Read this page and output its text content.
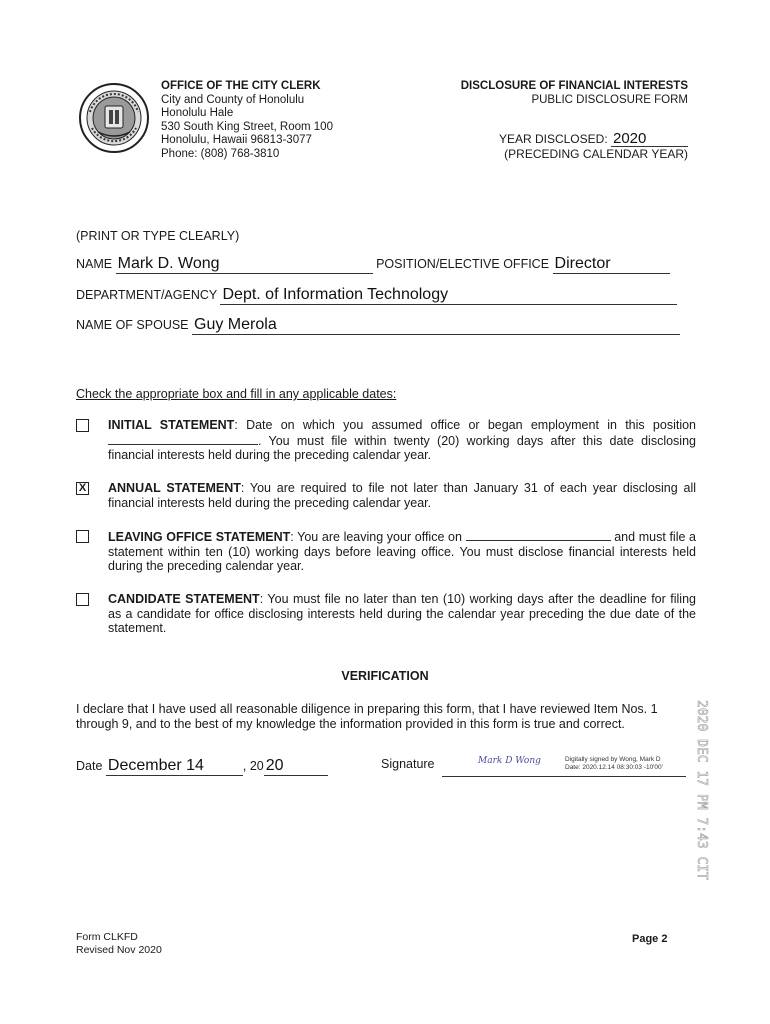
OFFICE OF THE CITY CLERK
City and County of Honolulu
Honolulu Hale
530 South King Street, Room 100
Honolulu, Hawaii 96813-3077
Phone: (808) 768-3810
DISCLOSURE OF FINANCIAL INTERESTS
PUBLIC DISCLOSURE FORM
YEAR DISCLOSED: 2020
(PRECEDING CALENDAR YEAR)
(PRINT OR TYPE CLEARLY)
NAME Mark D. Wong	POSITION/ELECTIVE OFFICE Director
DEPARTMENT/AGENCY Dept. of Information Technology
NAME OF SPOUSE Guy Merola
Check the appropriate box and fill in any applicable dates:
INITIAL STATEMENT: Date on which you assumed office or began employment in this position . You must file within twenty (20) working days after this date disclosing financial interests held during the preceding calendar year.
X ANNUAL STATEMENT: You are required to file not later than January 31 of each year disclosing all financial interests held during the preceding calendar year.
LEAVING OFFICE STATEMENT: You are leaving your office on	and must file a statement within ten (10) working days before leaving office. You must disclose financial interests held during the preceding calendar year.
CANDIDATE STATEMENT: You must file no later than ten (10) working days after the deadline for filing as a candidate for office disclosing interests held during the calendar year preceding the due date of the statement.
VERIFICATION
I declare that I have used all reasonable diligence in preparing this form, that I have reviewed Item Nos. 1 through 9, and to the best of my knowledge the information provided in this form is true and correct.
Date December 14	, 20 20	Signature	Mark D Wong	Digitally signed by Wong, Mark D
Date: 2020.12.14 08:30:03 -10'00' 2020 DEC 17 PM 7:43 CITY CLERK
Form CLKFD
Revised Nov 2020
Page 2
